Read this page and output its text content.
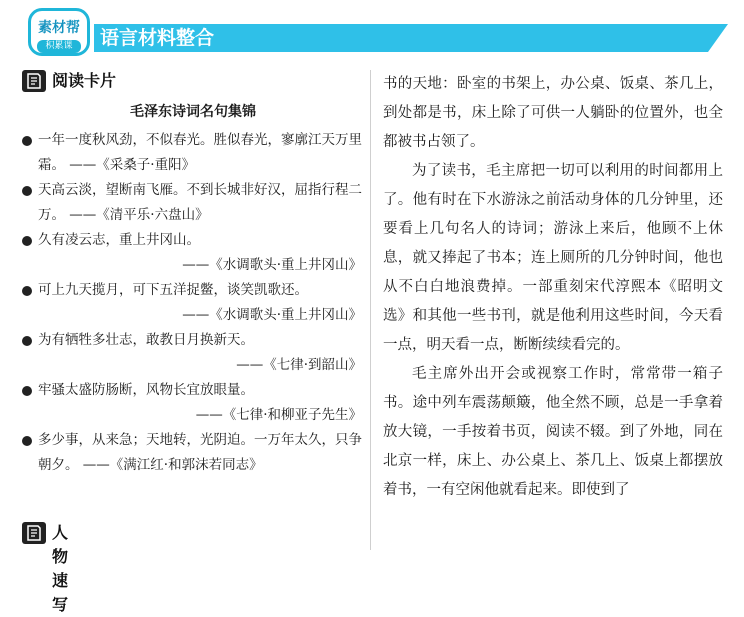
素材帮
积累课	语言材料整合
阅读卡片
毛泽东诗词名句集锦
一年一度秋风劲，不似春光。胜似春光，寥廓江天万里霜。 ——《采桑子·重阳》
天高云淡，望断南飞雁。不到长城非好汉，屈指行程二万。 ——《清平乐·六盘山》
久有凌云志，重上井冈山。
——《水调歌头·重上井冈山》
可上九天揽月，可下五洋捉鳖，谈笑凯歌还。
——《水调歌头·重上井冈山》
为有牺牲多壮志，敢教日月换新天。
——《七律·到韶山》
牢骚太盛防肠断，风物长宜放眼量。
——《七律·和柳亚子先生》
多少事，从来急；天地转，光阴迫。一万年太久，只争朝夕。 ——《满江红·和郭沫若同志》
人物速写

书的天地：卧室的书架上，办公桌、饭桌、茶几上，到处都是书，床上除了可供一人躺卧的位置外，也全都被书占领了。

为了读书，毛主席把一切可以利用的时间都用上了。他有时在下水游泳之前活动身体的几分钟里，还要看上几句名人的诗词；游泳上来后，他顾不上休息，就又捧起了书本；连上厕所的几分钟时间，他也从不白白地浪费掉。一部重刻宋代淳熙本《昭明文选》和其他一些书刊，就是他利用这些时间，今天看一点，明天看一点，断断续续看完的。

毛主席外出开会或视察工作时，常常带一箱子书。途中列车震荡颠簸，他全然不顾，总是一手拿着放大镜，一手按着书页，阅读不辍。到了外地，同在北京一样，床上、办公桌上、茶几上、饭桌上都摆放着书，一有空闲他就看起来。即使到了
